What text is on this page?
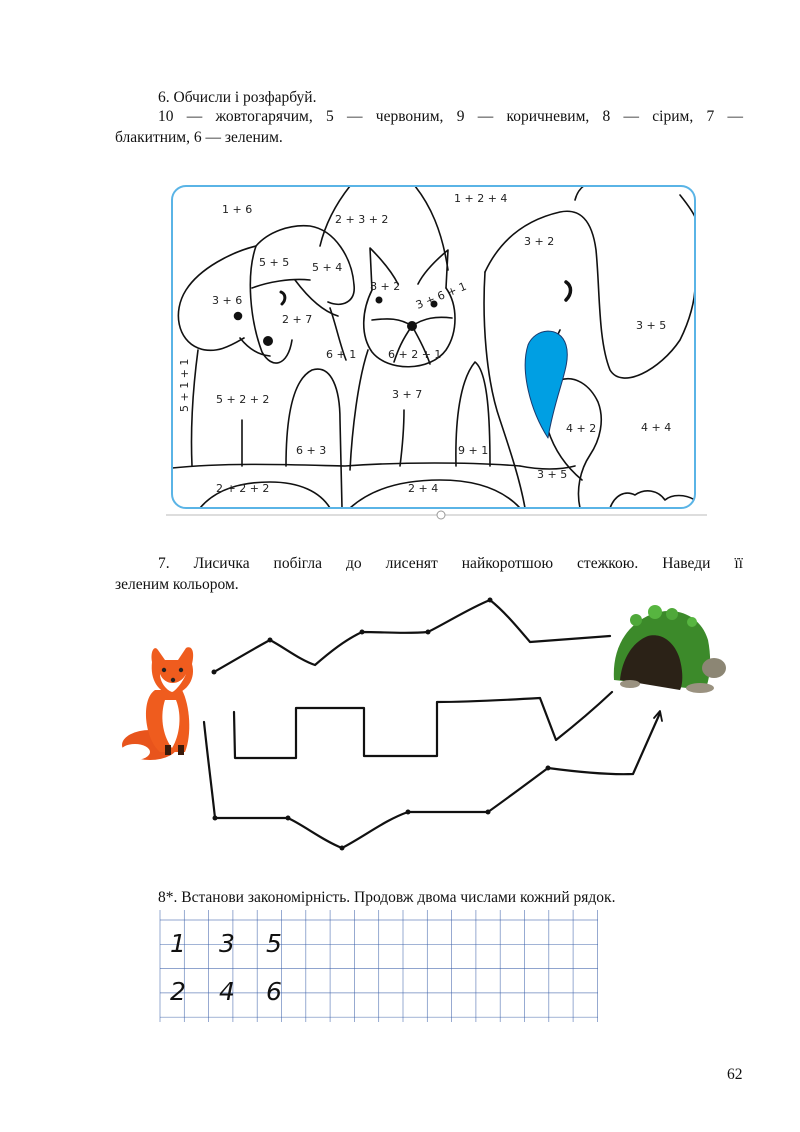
6. Обчисли і розфарбуй.
10 — жовтогарячим, 5 — червоним, 9 — коричневим, 8 — сірим, 7 —
блакитним, 6 — зеленим.
7. Лисичка побігла до лисенят найкоротшою стежкою. Наведи її
зеленим кольором.
8*. Встанови закономірність. Продовж двома числами кожний рядок.
62
1 + 6
2 + 3 + 2
1 + 2 + 4
3 + 2
5 + 5 5 + 4
8 + 2 3 + 6 + 1
3 + 6
2 + 7	3 + 5
6 + 1	6 + 2 + 1
5 + 1 + 1 5 + 2 + 2	3 + 7
4 + 2	4 + 4
6 + 3	9 + 1
3 + 5
2 + 2 + 2	2 + 4
1 3 5
2 4 6
